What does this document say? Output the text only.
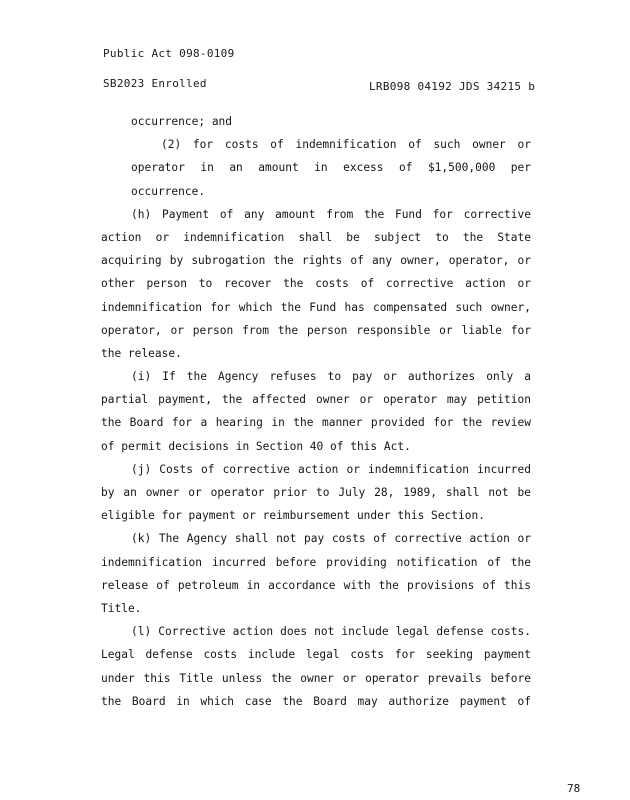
Public Act 098-0109
SB2023 Enrolled	LRB098 04192 JDS 34215 b
occurrence; and
(2) for costs of indemnification of such owner or
operator in an amount in excess of $1,500,000 per
occurrence.
(h) Payment of any amount from the Fund for corrective
action or indemnification shall be subject to the State
acquiring by subrogation the rights of any owner, operator, or
other person to recover the costs of corrective action or
indemnification for which the Fund has compensated such owner,
operator, or person from the person responsible or liable for
the release.
(i) If the Agency refuses to pay or authorizes only a
partial payment, the affected owner or operator may petition
the Board for a hearing in the manner provided for the review
of permit decisions in Section 40 of this Act.
(j) Costs of corrective action or indemnification incurred
by an owner or operator prior to July 28, 1989, shall not be
eligible for payment or reimbursement under this Section.
(k) The Agency shall not pay costs of corrective action or
indemnification incurred before providing notification of the
release of petroleum in accordance with the provisions of this
Title.
(l) Corrective action does not include legal defense costs.
Legal defense costs include legal costs for seeking payment
under this Title unless the owner or operator prevails before
the Board in which case the Board may authorize payment of
78
